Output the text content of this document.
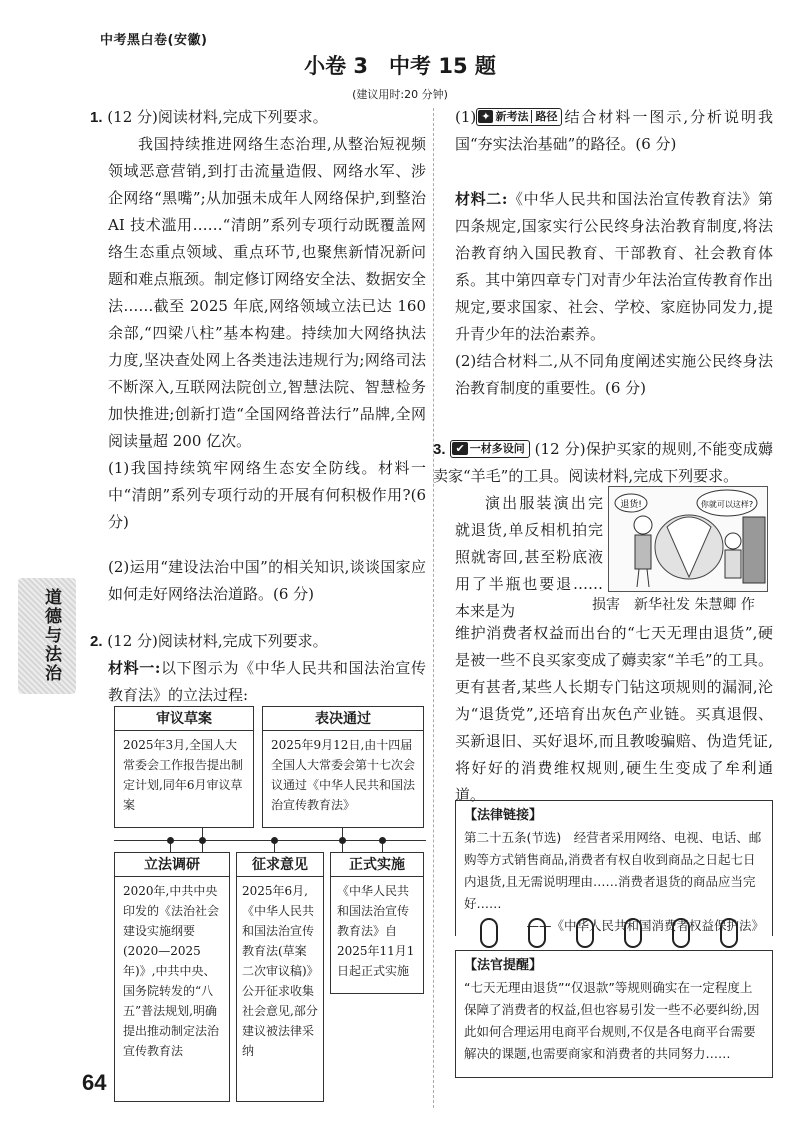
中考黑白卷(安徽)
小卷 3　中考 15 题
(建议用时:20 分钟)
1. (12 分)阅读材料,完成下列要求。
我国持续推进网络生态治理,从整治短视频领域恶意营销,到打击流量造假、网络水军、涉企网络“黑嘴”;从加强未成年人网络保护,到整治 AI 技术滥用……“清朗”系列专项行动既覆盖网络生态重点领域、重点环节,也聚焦新情况新问题和难点瓶颈。制定修订网络安全法、数据安全法……截至 2025 年底,网络领域立法已达 160 余部,“四梁八柱”基本构建。持续加大网络执法力度,坚决查处网上各类违法违规行为;网络司法不断深入,互联网法院创立,智慧法院、智慧检务加快推进;创新打造“全国网络普法行”品牌,全网阅读量超 200 亿次。
(1)我国持续筑牢网络生态安全防线。材料一中“清朗”系列专项行动的开展有何积极作用?(6 分)
(2)运用“建设法治中国”的相关知识,谈谈国家应如何走好网络法治道路。(6 分)
道德与法治 2. (12 分)阅读材料,完成下列要求。
材料一:以下图示为《中华人民共和国法治宣传教育法》的立法过程:
审议草案
2025年3月,全国人大常委会工作报告提出制定计划,同年6月审议草案
表决通过
2025年9月12日,由十四届全国人大常委会第十七次会议通过《中华人民共和国法治宣传教育法》
立法调研
2020年,中共中央印发的《法治社会建设实施纲要(2020—2025年)》,中共中央、国务院转发的“八五”普法规划,明确提出推动制定法治宣传教育法
征求意见
2025年6月,《中华人民共和国法治宣传教育法(草案二次审议稿)》公开征求收集社会意见,部分建议被法律采纳
正式实施
《中华人民共和国法治宣传教育法》自2025年11月1日起正式实施
64
(1) ✦ 新考法 路径 结合材料一图示,分析说明我国“夯实法治基础”的路径。(6 分)
材料二:《中华人民共和国法治宣传教育法》第四条规定,国家实行公民终身法治教育制度,将法治教育纳入国民教育、干部教育、社会教育体系。其中第四章专门对青少年法治宣传教育作出规定,要求国家、社会、学校、家庭协同发力,提升青少年的法治素养。
(2)结合材料二,从不同角度阐述实施公民终身法治教育制度的重要性。(6 分)
3. ✔ 一材多设问 (12 分)保护买家的规则,不能变成薅卖家“羊毛”的工具。阅读材料,完成下列要求。
演出服装演出完就退货,单反相机拍完照就寄回,甚至粉底液用了半瓶也要退……本来是为
退货!	你就可以这样?
损害　新华社发 朱慧卿 作
维护消费者权益而出台的“七天无理由退货”,硬是被一些不良买家变成了薅卖家“羊毛”的工具。更有甚者,某些人长期专门钻这项规则的漏洞,沦为“退货党”,还培育出灰色产业链。买真退假、买新退旧、买好退坏,而且教唆骗赔、伪造凭证,将好好的消费维权规则,硬生生变成了牟利通道。
【法律链接】
第二十五条(节选)　经营者采用网络、电视、电话、邮购等方式销售商品,消费者有权自收到商品之日起七日内退货,且无需说明理由……消费者退货的商品应当完好……
——《中华人民共和国消费者权益保护法》
【法官提醒】
“七天无理由退货”“仅退款”等规则确实在一定程度上保障了消费者的权益,但也容易引发一些不必要纠纷,因此如何合理运用电商平台规则,不仅是各电商平台需要解决的课题,也需要商家和消费者的共同努力……
